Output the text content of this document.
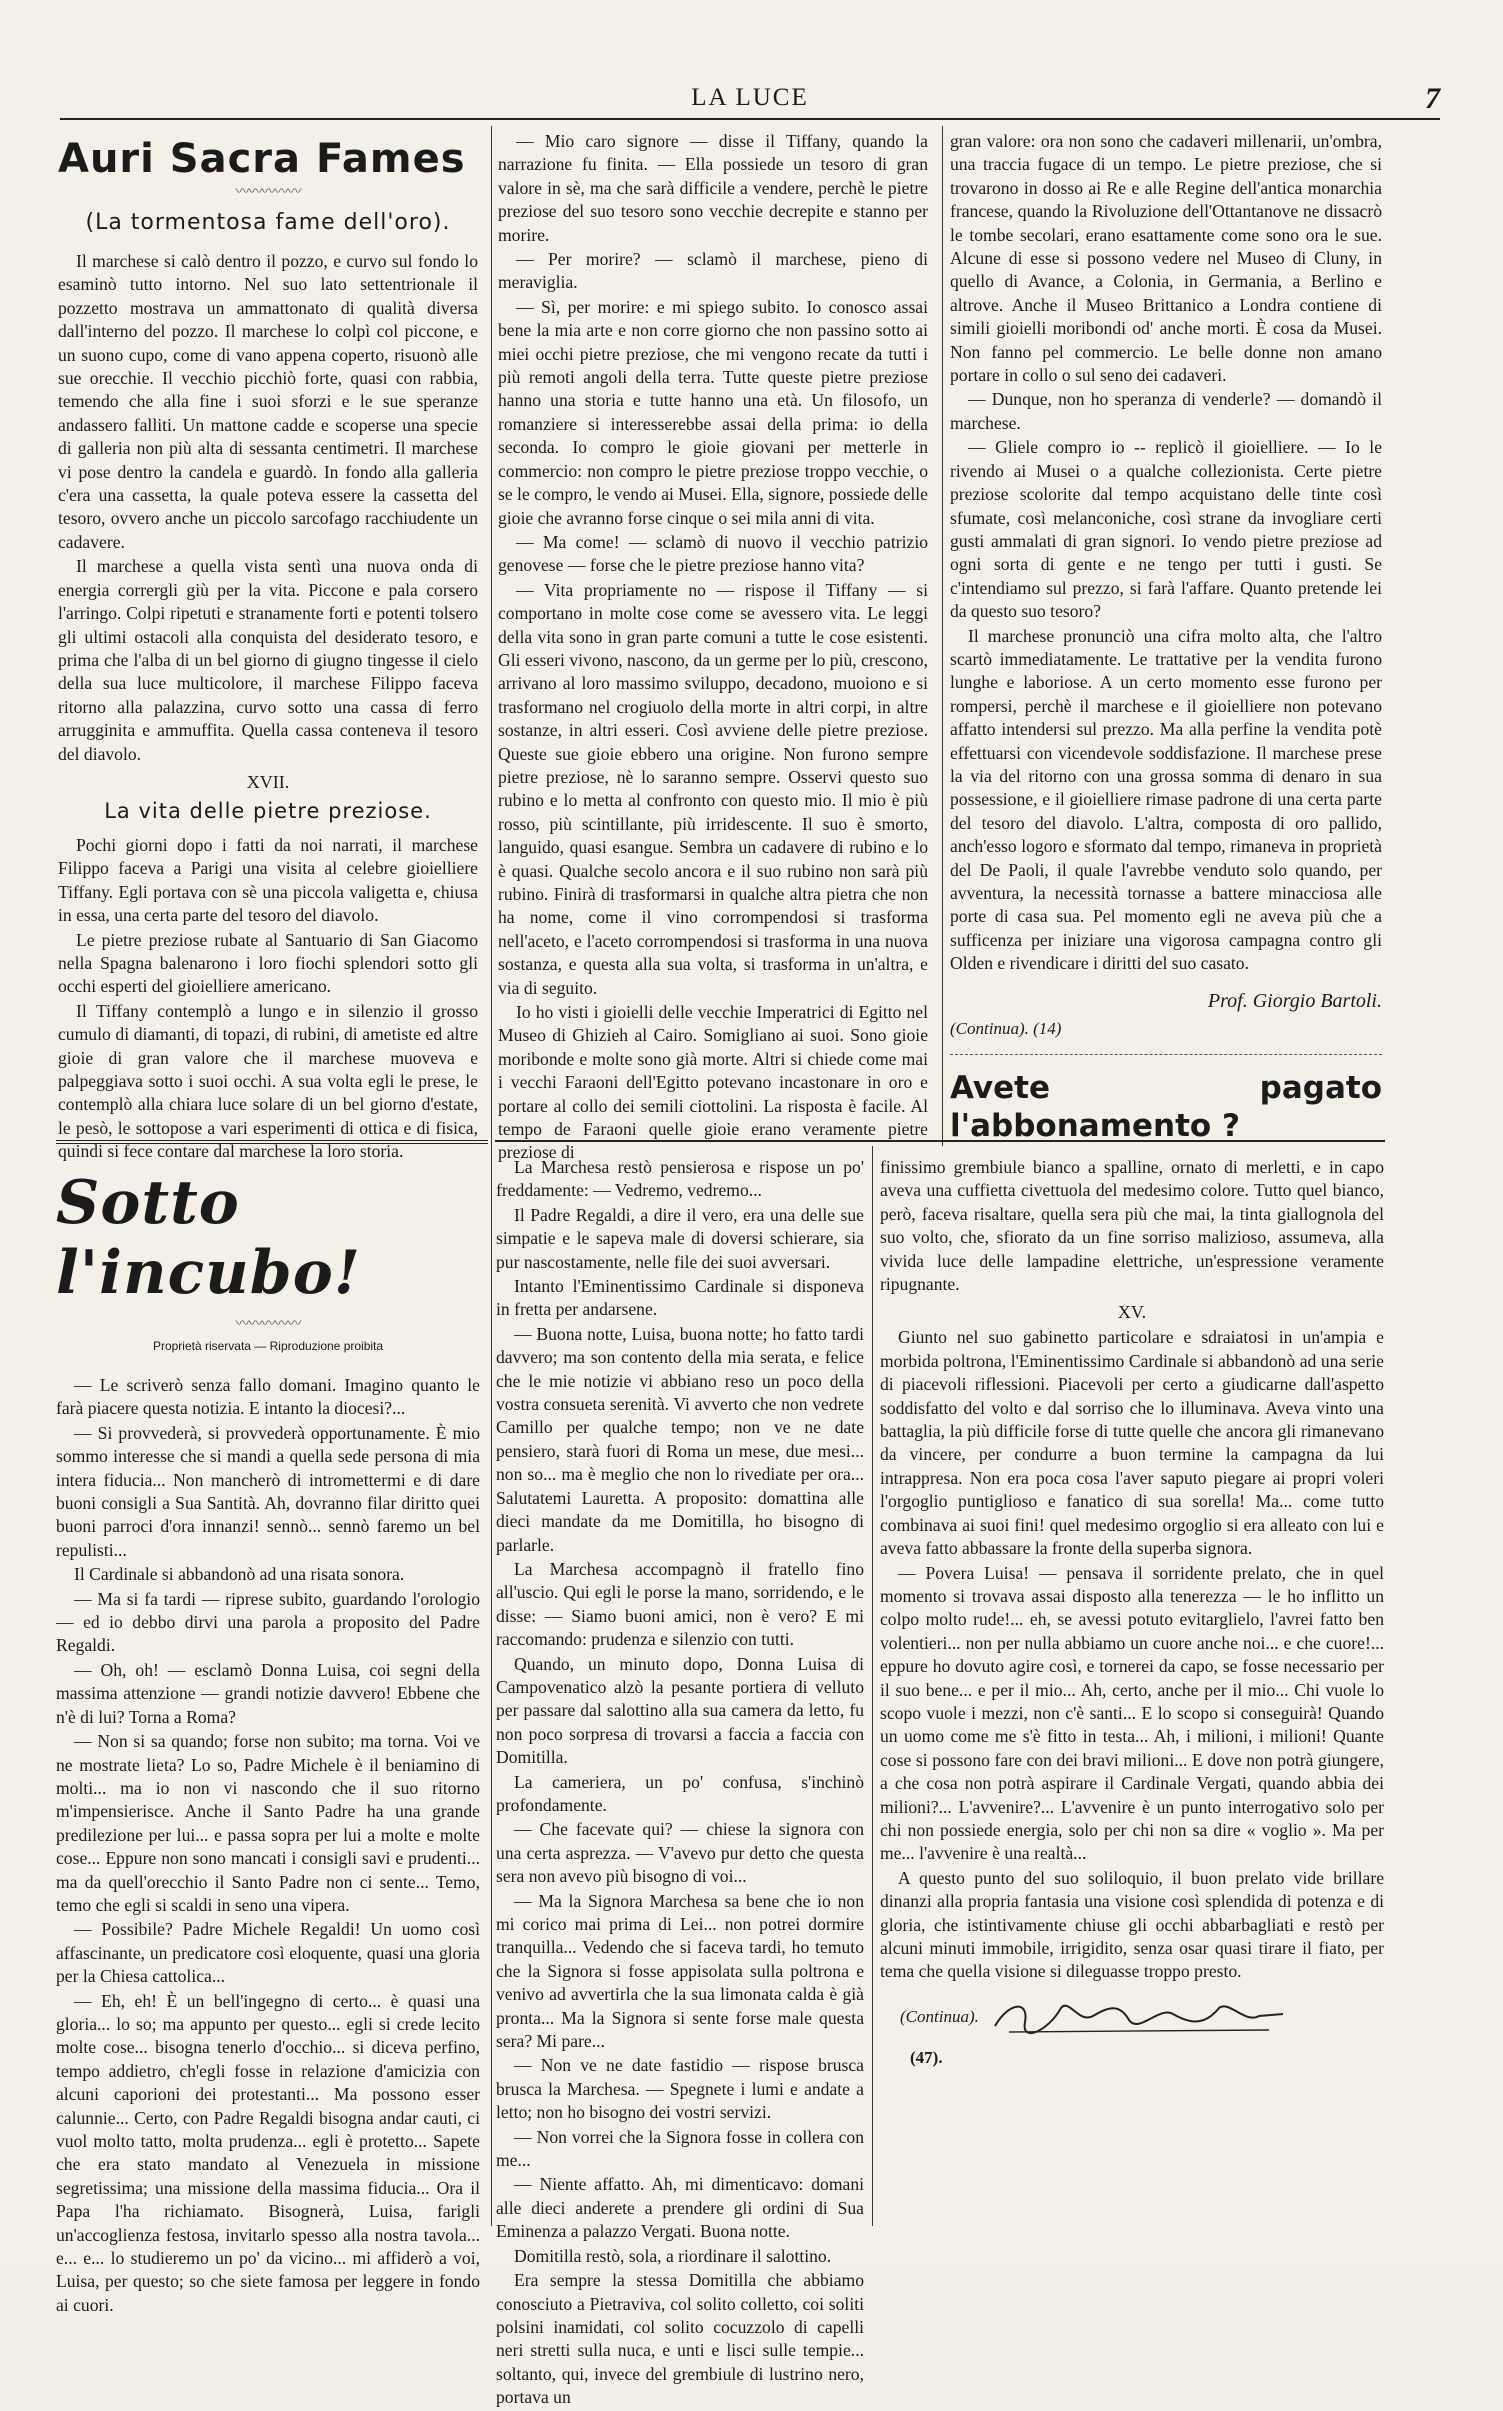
LA LUCE	7
Auri Sacra Fames
〰〰〰〰〰
(La tormentosa fame dell'oro).

Il marchese si calò dentro il pozzo, e curvo sul fondo lo esaminò tutto intorno. Nel suo lato settentrionale il pozzetto mostrava un ammattonato di qualità diversa dall'interno del pozzo. Il marchese lo colpì col piccone, e un suono cupo, come di vano appena coperto, risuonò alle sue orecchie. Il vecchio picchiò forte, quasi con rabbia, temendo che alla fine i suoi sforzi e le sue speranze andassero falliti. Un mattone cadde e scoperse una specie di galleria non più alta di sessanta centimetri. Il marchese vi pose dentro la candela e guardò. In fondo alla galleria c'era una cassetta, la quale poteva essere la cassetta del tesoro, ovvero anche un piccolo sarcofago racchiudente un cadavere.

Il marchese a quella vista sentì una nuova onda di energia corrergli giù per la vita. Piccone e pala corsero l'arringo. Colpi ripetuti e stranamente forti e potenti tolsero gli ultimi ostacoli alla conquista del desiderato tesoro, e prima che l'alba di un bel giorno di giugno tingesse il cielo della sua luce multicolore, il marchese Filippo faceva ritorno alla palazzina, curvo sotto una cassa di ferro arrugginita e ammuffita. Quella cassa conteneva il tesoro del diavolo.

XVII.
La vita delle pietre preziose.

Pochi giorni dopo i fatti da noi narrati, il marchese Filippo faceva a Parigi una visita al celebre gioielliere Tiffany. Egli portava con sè una piccola valigetta e, chiusa in essa, una certa parte del tesoro del diavolo.

Le pietre preziose rubate al Santuario di San Giacomo nella Spagna balenarono i loro fiochi splendori sotto gli occhi esperti del gioielliere americano.

Il Tiffany contemplò a lungo e in silenzio il grosso cumulo di diamanti, di topazi, di rubini, di ametiste ed altre gioie di gran valore che il marchese muoveva e palpeggiava sotto i suoi occhi. A sua volta egli le prese, le contemplò alla chiara luce solare di un bel giorno d'estate, le pesò, le sottopose a vari esperimenti di ottica e di fisica, quindi si fece contare dal marchese la loro storia.

— Mio caro signore — disse il Tiffany, quando la narrazione fu finita. — Ella possiede un tesoro di gran valore in sè, ma che sarà difficile a vendere, perchè le pietre preziose del suo tesoro sono vecchie decrepite e stanno per morire.

— Per morire? — sclamò il marchese, pieno di meraviglia.

— Sì, per morire: e mi spiego subito. Io conosco assai bene la mia arte e non corre giorno che non passino sotto ai miei occhi pietre preziose, che mi vengono recate da tutti i più remoti angoli della terra. Tutte queste pietre preziose hanno una storia e tutte hanno una età. Un filosofo, un romanziere si interesserebbe assai della prima: io della seconda. Io compro le gioie giovani per metterle in commercio: non compro le pietre preziose troppo vecchie, o se le compro, le vendo ai Musei. Ella, signore, possiede delle gioie che avranno forse cinque o sei mila anni di vita.

— Ma come! — sclamò di nuovo il vecchio patrizio genovese — forse che le pietre preziose hanno vita?

— Vita propriamente no — rispose il Tiffany — si comportano in molte cose come se avessero vita. Le leggi della vita sono in gran parte comuni a tutte le cose esistenti. Gli esseri vivono, nascono, da un germe per lo più, crescono, arrivano al loro massimo sviluppo, decadono, muoiono e si trasformano nel crogiuolo della morte in altri corpi, in altre sostanze, in altri esseri. Così avviene delle pietre preziose. Queste sue gioie ebbero una origine. Non furono sempre pietre preziose, nè lo saranno sempre. Osservi questo suo rubino e lo metta al confronto con questo mio. Il mio è più rosso, più scintillante, più irridescente. Il suo è smorto, languido, quasi esangue. Sembra un cadavere di rubino e lo è quasi. Qualche secolo ancora e il suo rubino non sarà più rubino. Finirà di trasformarsi in qualche altra pietra che non ha nome, come il vino corrompendosi si trasforma nell'aceto, e l'aceto corrompendosi si trasforma in una nuova sostanza, e questa alla sua volta, si trasforma in un'altra, e via di seguito.

Io ho visti i gioielli delle vecchie Imperatrici di Egitto nel Museo di Ghizieh al Cairo. Somigliano ai suoi. Sono gioie moribonde e molte sono già morte. Altri si chiede come mai i vecchi Faraoni dell'Egitto potevano incastonare in oro e portare al collo dei semili ciottolini. La risposta è facile. Al tempo de Faraoni quelle gioie erano veramente pietre preziose di

gran valore: ora non sono che cadaveri millenarii, un'ombra, una traccia fugace di un tempo. Le pietre preziose, che si trovarono in dosso ai Re e alle Regine dell'antica monarchia francese, quando la Rivoluzione dell'Ottantanove ne dissacrò le tombe secolari, erano esattamente come sono ora le sue. Alcune di esse si possono vedere nel Museo di Cluny, in quello di Avance, a Colonia, in Germania, a Berlino e altrove. Anche il Museo Brittanico a Londra contiene di simili gioielli moribondi od' anche morti. È cosa da Musei. Non fanno pel commercio. Le belle donne non amano portare in collo o sul seno dei cadaveri.

— Dunque, non ho speranza di venderle? — domandò il marchese.

— Gliele compro io -- replicò il gioielliere. — Io le rivendo ai Musei o a qualche collezionista. Certe pietre preziose scolorite dal tempo acquistano delle tinte così sfumate, così melanconiche, così strane da invogliare certi gusti ammalati di gran signori. Io vendo pietre preziose ad ogni sorta di gente e ne tengo per tutti i gusti. Se c'intendiamo sul prezzo, si farà l'affare. Quanto pretende lei da questo suo tesoro?

Il marchese pronunciò una cifra molto alta, che l'altro scartò immediatamente. Le trattative per la vendita furono lunghe e laboriose. A un certo momento esse furono per rompersi, perchè il marchese e il gioielliere non potevano affatto intendersi sul prezzo. Ma alla perfine la vendita potè effettuarsi con vicendevole soddisfazione. Il marchese prese la via del ritorno con una grossa somma di denaro in sua possessione, e il gioielliere rimase padrone di una certa parte del tesoro del diavolo. L'altra, composta di oro pallido, anch'esso logoro e sformato dal tempo, rimaneva in proprietà del De Paoli, il quale l'avrebbe venduto solo quando, per avventura, la necessità tornasse a battere minacciosa alle porte di casa sua. Pel momento egli ne aveva più che a sufficenza per iniziare una vigorosa campagna contro gli Olden e rivendicare i diritti del suo casato.

Prof. Giorgio Bartoli.
(Continua). (14)
Avete pagato l'abbonamento ?
Sotto l'incubo!
〰〰〰〰〰
Proprietà riservata — Riproduzione proibita

— Le scriverò senza fallo domani. Imagino quanto le farà piacere questa notizia. E intanto la diocesi?...

— Si provvederà, si provvederà opportunamente. È mio sommo interesse che si mandi a quella sede persona di mia intera fiducia... Non mancherò di intromettermi e di dare buoni consigli a Sua Santità. Ah, dovranno filar diritto quei buoni parroci d'ora innanzi! sennò... sennò faremo un bel repulisti...

Il Cardinale si abbandonò ad una risata sonora.

— Ma si fa tardi — riprese subito, guardando l'orologio — ed io debbo dirvi una parola a proposito del Padre Regaldi.

— Oh, oh! — esclamò Donna Luisa, coi segni della massima attenzione — grandi notizie davvero! Ebbene che n'è di lui? Torna a Roma?

— Non si sa quando; forse non subito; ma torna. Voi ve ne mostrate lieta? Lo so, Padre Michele è il beniamino di molti... ma io non vi nascondo che il suo ritorno m'impensierisce. Anche il Santo Padre ha una grande predilezione per lui... e passa sopra per lui a molte e molte cose... Eppure non sono mancati i consigli savi e prudenti... ma da quell'orecchio il Santo Padre non ci sente... Temo, temo che egli si scaldi in seno una vipera.

— Possibile? Padre Michele Regaldi! Un uomo così affascinante, un predicatore così eloquente, quasi una gloria per la Chiesa cattolica...

— Eh, eh! È un bell'ingegno di certo... è quasi una gloria... lo so; ma appunto per questo... egli si crede lecito molte cose... bisogna tenerlo d'occhio... si diceva perfino, tempo addietro, ch'egli fosse in relazione d'amicizia con alcuni caporioni dei protestanti... Ma possono esser calunnie... Certo, con Padre Regaldi bisogna andar cauti, ci vuol molto tatto, molta prudenza... egli è protetto... Sapete che era stato mandato al Venezuela in missione segretissima; una missione della massima fiducia... Ora il Papa l'ha richiamato. Bisognerà, Luisa, farigli un'accoglienza festosa, invitarlo spesso alla nostra tavola... e... e... lo studieremo un po' da vicino... mi affiderò a voi, Luisa, per questo; so che siete famosa per leggere in fondo ai cuori.

La Marchesa restò pensierosa e rispose un po' freddamente: — Vedremo, vedremo...

Il Padre Regaldi, a dire il vero, era una delle sue simpatie e le sapeva male di doversi schierare, sia pur nascostamente, nelle file dei suoi avversari.

Intanto l'Eminentissimo Cardinale si disponeva in fretta per andarsene.

— Buona notte, Luisa, buona notte; ho fatto tardi davvero; ma son contento della mia serata, e felice che le mie notizie vi abbiano reso un poco della vostra consueta serenità. Vi avverto che non vedrete Camillo per qualche tempo; non ve ne date pensiero, starà fuori di Roma un mese, due mesi... non so... ma è meglio che non lo rivediate per ora... Salutatemi Lauretta. A proposito: domattina alle dieci mandate da me Domitilla, ho bisogno di parlarle.

La Marchesa accompagnò il fratello fino all'uscio. Qui egli le porse la mano, sorridendo, e le disse: — Siamo buoni amici, non è vero? E mi raccomando: prudenza e silenzio con tutti.

Quando, un minuto dopo, Donna Luisa di Campovenatico alzò la pesante portiera di velluto per passare dal salottino alla sua camera da letto, fu non poco sorpresa di trovarsi a faccia a faccia con Domitilla.

La cameriera, un po' confusa, s'inchinò profondamente.

— Che facevate qui? — chiese la signora con una certa asprezza. — V'avevo pur detto che questa sera non avevo più bisogno di voi...

— Ma la Signora Marchesa sa bene che io non mi corico mai prima di Lei... non potrei dormire tranquilla... Vedendo che si faceva tardi, ho temuto che la Signora si fosse appisolata sulla poltrona e venivo ad avvertirla che la sua limonata calda è già pronta... Ma la Signora si sente forse male questa sera? Mi pare...

— Non ve ne date fastidio — rispose brusca brusca la Marchesa. — Spegnete i lumi e andate a letto; non ho bisogno dei vostri servizi.

— Non vorrei che la Signora fosse in collera con me...

— Niente affatto. Ah, mi dimenticavo: domani alle dieci anderete a prendere gli ordini di Sua Eminenza a palazzo Vergati. Buona notte.

Domitilla restò, sola, a riordinare il salottino.

Era sempre la stessa Domitilla che abbiamo conosciuto a Pietraviva, col solito colletto, coi soliti polsini inamidati, col solito cocuzzolo di capelli neri stretti sulla nuca, e unti e lisci sulle tempie... soltanto, qui, invece del grembiule di lustrino nero, portava un

finissimo grembiule bianco a spalline, ornato di merletti, e in capo aveva una cuffietta civettuola del medesimo colore. Tutto quel bianco, però, faceva risaltare, quella sera più che mai, la tinta giallognola del suo volto, che, sfiorato da un fine sorriso malizioso, assumeva, alla vivida luce delle lampadine elettriche, un'espressione veramente ripugnante.

XV.

Giunto nel suo gabinetto particolare e sdraiatosi in un'ampia e morbida poltrona, l'Eminentissimo Cardinale si abbandonò ad una serie di piacevoli riflessioni. Piacevoli per certo a giudicarne dall'aspetto soddisfatto del volto e dal sorriso che lo illuminava. Aveva vinto una battaglia, la più difficile forse di tutte quelle che ancora gli rimanevano da vincere, per condurre a buon termine la campagna da lui intrappresa. Non era poca cosa l'aver saputo piegare ai propri voleri l'orgoglio puntiglioso e fanatico di sua sorella! Ma... come tutto combinava ai suoi fini! quel medesimo orgoglio si era alleato con lui e aveva fatto abbassare la fronte della superba signora.

— Povera Luisa! — pensava il sorridente prelato, che in quel momento si trovava assai disposto alla tenerezza — le ho inflitto un colpo molto rude!... eh, se avessi potuto evitarglielo, l'avrei fatto ben volentieri... non per nulla abbiamo un cuore anche noi... e che cuore!... eppure ho dovuto agire così, e tornerei da capo, se fosse necessario per il suo bene... e per il mio... Ah, certo, anche per il mio... Chi vuole lo scopo vuole i mezzi, non c'è santi... E lo scopo si conseguirà! Quando un uomo come me s'è fitto in testa... Ah, i milioni, i milioni! Quante cose si possono fare con dei bravi milioni... E dove non potrà giungere, a che cosa non potrà aspirare il Cardinale Vergati, quando abbia dei milioni?... L'avvenire?... L'avvenire è un punto interrogativo solo per chi non possiede energia, solo per chi non sa dire « voglio ». Ma per me... l'avvenire è una realtà...

A questo punto del suo soliloquio, il buon prelato vide brillare dinanzi alla propria fantasia una visione così splendida di potenza e di gloria, che istintivamente chiuse gli occhi abbarbagliati e restò per alcuni minuti immobile, irrigidito, senza osar quasi tirare il fiato, per tema che quella visione si dileguasse troppo presto.

(Continua).
(47).
